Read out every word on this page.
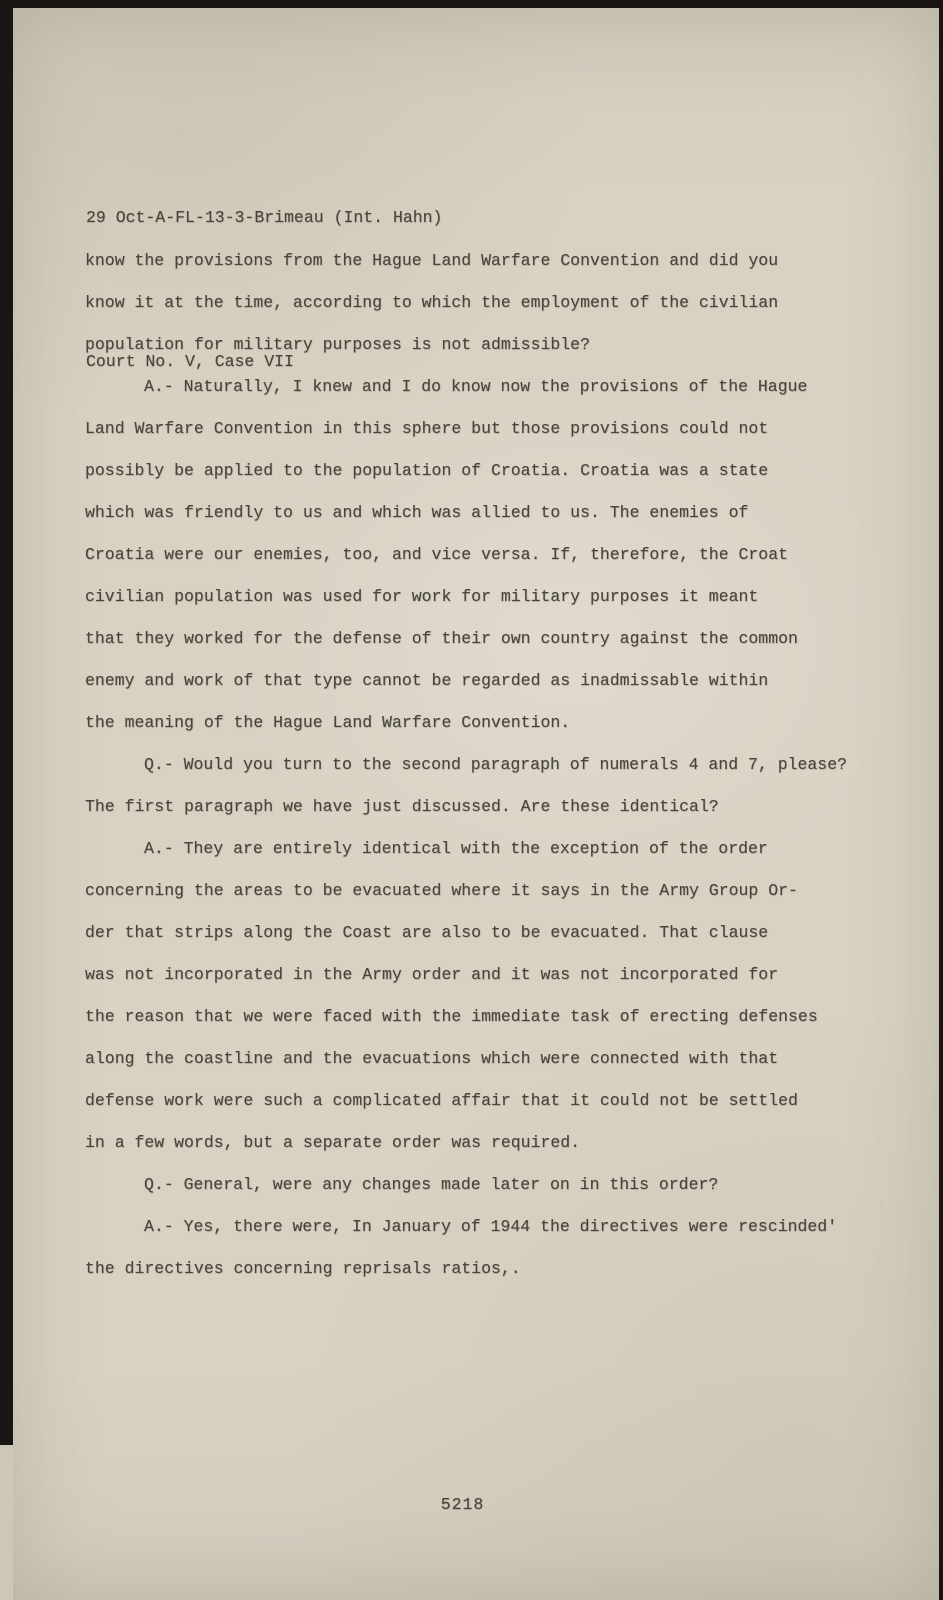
29 Oct-A-FL-13-3-Brimeau (Int. Hahn)

Court No. V, Case VII

know the provisions from the Hague Land Warfare Convention and did you
know it at the time, according to which the employment of the civilian
population for military purposes is not admissible?
A.- Naturally, I knew and I do know now the provisions of the Hague
Land Warfare Convention in this sphere but those provisions could not
possibly be applied to the population of Croatia. Croatia was a state
which was friendly to us and which was allied to us. The enemies of
Croatia were our enemies, too, and vice versa. If, therefore, the Croat
civilian population was used for work for military purposes it meant
that they worked for the defense of their own country against the common
enemy and work of that type cannot be regarded as inadmissable within
the meaning of the Hague Land Warfare Convention.
Q.- Would you turn to the second paragraph of numerals 4 and 7, please?
The first paragraph we have just discussed. Are these identical?
A.- They are entirely identical with the exception of the order
concerning the areas to be evacuated where it says in the Army Group Or-
der that strips along the Coast are also to be evacuated. That clause
was not incorporated in the Army order and it was not incorporated for
the reason that we were faced with the immediate task of erecting defenses
along the coastline and the evacuations which were connected with that
defense work were such a complicated affair that it could not be settled
in a few words, but a separate order was required.
Q.- General, were any changes made later on in this order?
A.- Yes, there were, In January of 1944 the directives were rescinded'
the directives concerning reprisals ratios,.
5218
